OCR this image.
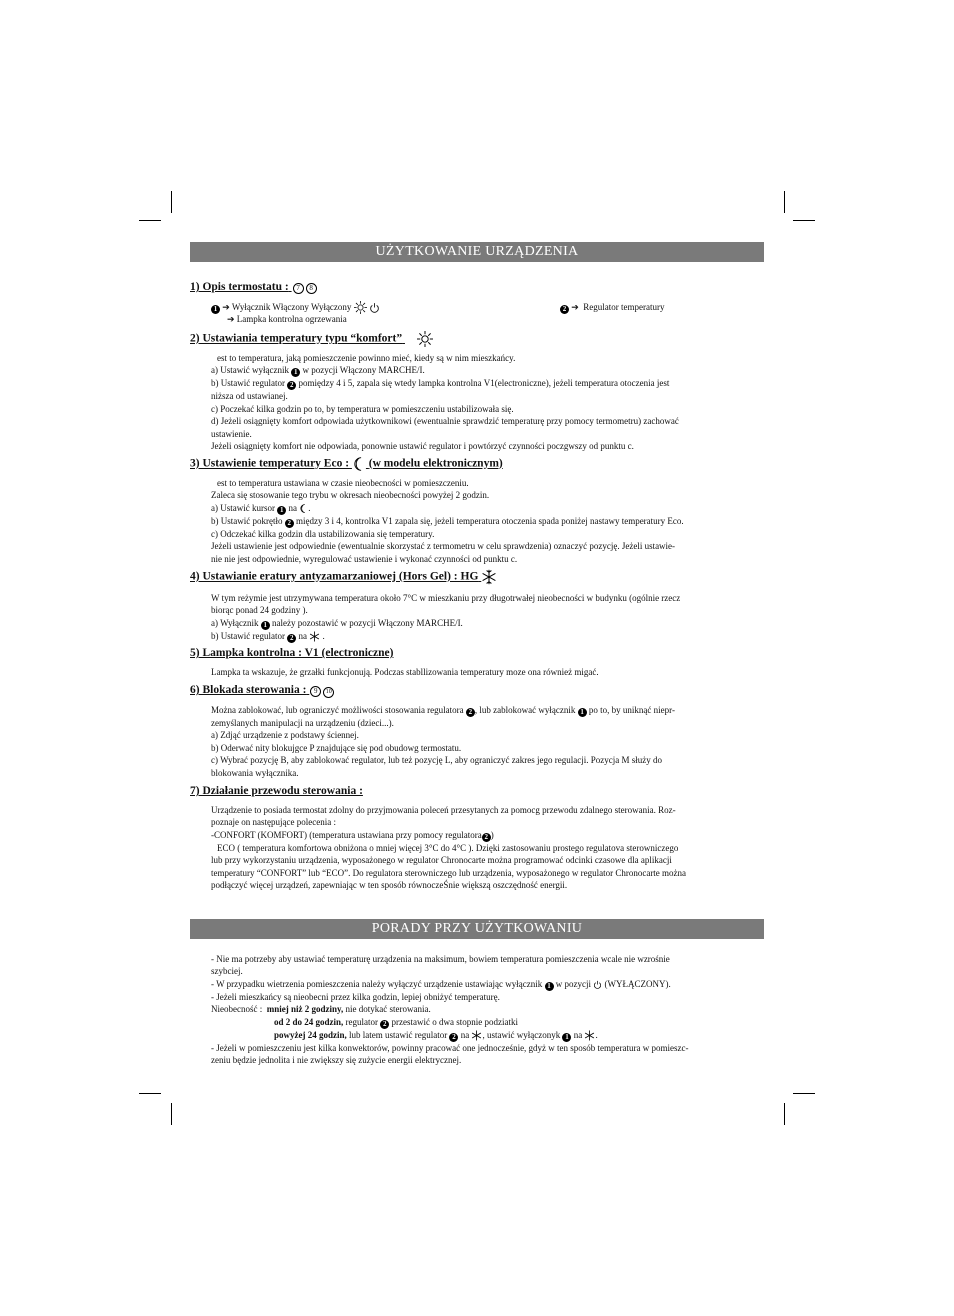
UŻYTKOWANIE URZĄDZENIA
1) Opis termostatu : 7 8
1 ➔ Wyłącznik Włączony Wyłączony
➔ Lampka kontrolna ogrzewania
2 ➔  Regulator temperatury
2) Ustawiania temperatury typu “komfort”
est to temperatura, jaką pomieszczenie powinno mieć, kiedy są w nim mieszkańcy.
a) Ustawić wyłącznik 1 w pozycji Włączony MARCHE/I.
b) Ustawić regulator 2 pomiędzy 4 i 5, zapala się wtedy lampka kontrolna V1(electroniczne), jeżeli temperatura otoczenia jest
niższa od ustawianej.
c) Poczekać kilka godzin po to, by temperatura w pomieszczeniu ustabilizowała się.
d) Jeżeli osiągnięty komfort odpowiada użytkownikowi (ewentualnie sprawdzić temperaturę przy pomocy termometru) zachować
ustawienie.
Jeżeli osiągnięty komfort nie odpowiada, ponownie ustawić regulator i powtórzyć czynności poczgwszy od punktu c.
3) Ustawienie temperatury Eco : (w modelu elektronicznym)
est to temperatura ustawiana w czasie nieobecności w pomieszczeniu.
Zaleca się stosowanie tego trybu w okresach nieobecności powyżej 2 godzin.
a) Ustawić kursor 1 na .
b) Ustawić pokrętło 2 między 3 i 4, kontrolka V1 zapala się, jeżeli temperatura otoczenia spada poniżej nastawy temperatury Eco.
c) Odczekać kilka godzin dla ustabilizowania się temperatury.
Jeżeli ustawienie jest odpowiednie (ewentualnie skorzystać z termometru w celu sprawdzenia) oznaczyć pozycję. Jeżeli ustawie-
nie nie jest odpowiednie, wyregulować ustawienie i wykonać czynności od punktu c.
4) Ustawianie eratury antyzamarzaniowej (Hors Gel) : HG
W tym reżymie jest utrzymywana temperatura około 7°C w mieszkaniu przy długotrwałej nieobecności w budynku (ogólnie rzecz
biorąc ponad 24 godziny ).
a) Wyłącznik 1 należy pozostawić w pozycji Włączony MARCHE/I.
b) Ustawić regulator 2 na  .
5) Lampka kontrolna : V1 (electroniczne)
Lampka ta wskazuje, że grzałki funkcjonują. Podczas stabllizowania temperatury moze ona również migać.
6) Blokada sterowania : 9 10
Można zablokować, lub ograniczyć możliwości stosowania regulatora 2 , lub zablokować wyłącznik 1 po to, by uniknąć niepr-
zemyślanych manipulacji na urządzeniu (dzieci...).
a) Zdjąć urządzenie z podstawy ściennej.
b) Oderwać nity blokujgce P znajdujące się pod obudowg termostatu.
c) Wybrać pozycję B, aby zablokować regulator, lub też pozycję L, aby ograniczyć zakres jego regulacji. Pozycja M służy do
blokowania wyłącznika.
7) Działanie przewodu sterowania :
Urządzenie to posiada termostat zdolny do przyjmowania poleceń przesytanych za pomocg przewodu zdalnego sterowania. Roz-
poznaje on następujące polecenia :
-CONFORT (KOMFORT) (temperatura ustawiana przy pomocy regulatora 2 )
ECO ( temperatura komfortowa obniżona o mniej więcej 3°C do 4°C ). Dzięki zastosowaniu prostego regulatova sterowniczego
lub przy wykorzystaniu urządzenia, wyposażonego w regulator Chronocarte można programować odcinki czasowe dla aplikacji
temperatury “CONFORT” lub “ECO”. Do regulatora sterowniczego lub urządzenia, wyposażonego w regulator Chronocarte można
podłączyć więcej urządzeń, zapewniając w ten sposób równoczeŚnie większą oszczędność energii.
PORADY PRZY UŻYTKOWANIU
- Nie ma potrzeby aby ustawiać temperaturę urządzenia na maksimum, bowiem temperatura pomieszczenia wcale nie wzrośnie
szybciej.
- W przypadku wietrzenia pomieszczenia należy wyłączyć urządzenie ustawiając wyłącznik 1 w pozycji (WYŁĄCZONY).
- Jeżeli mieszkańcy są nieobecni przez kilka godzin, lepiej obniżyć temperaturę.
Nieobecność : mniej niż 2 godziny, nie dotykać sterowania.
od 2 do 24 godzin, regulator 2 przestawić o dwa stopnie podziatki
powyżej 24 godzin, lub latem ustawić regulator 2 na , ustawić wyłączonyk 1 na .
- Jeżeli w pomieszczeniu jest kilka konwektorów, powinny pracować one jednocześnie, gdyż w ten sposób temperatura w pomieszc-
zeniu będzie jednolita i nie zwiększy się zużycie energii elektrycznej.
